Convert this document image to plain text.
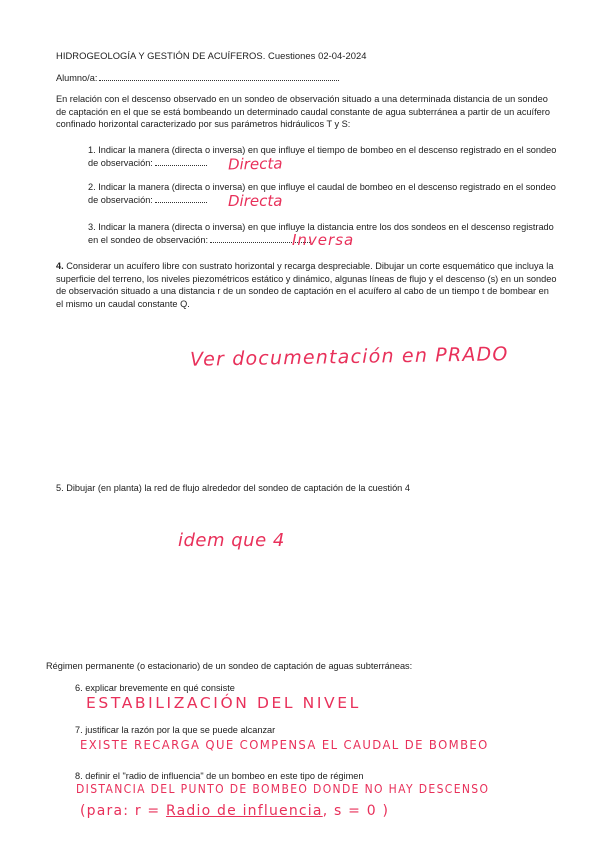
HIDROGEOLOGÍA Y GESTIÓN DE ACUÍFEROS. Cuestiones 02-04-2024
Alumno/a:
En relación con el descenso observado en un sondeo de observación situado a una determinada distancia de un sondeo de captación en el que se está bombeando un determinado caudal constante de agua subterránea a partir de un acuífero confinado horizontal caracterizado por sus parámetros hidráulicos T y S:
1. Indicar la manera (directa o inversa) en que influye el tiempo de bombeo en el descenso registrado en el sondeo de observación:	Directa
2. Indicar la manera (directa o inversa) en que influye el caudal de bombeo en el descenso registrado en el sondeo de observación:	Directa
3. Indicar la manera (directa o inversa) en que influye la distancia entre los dos sondeos en el descenso registrado en el sondeo de observación:	Inversa
4. Considerar un acuífero libre con sustrato horizontal y recarga despreciable. Dibujar un corte esquemático que incluya la superficie del terreno, los niveles piezométricos estático y dinámico, algunas líneas de flujo y el descenso (s) en un sondeo de observación situado a una distancia r de un sondeo de captación en el acuífero al cabo de un tiempo t de bombear en el mismo un caudal constante Q.
Ver documentación en PRADO
5. Dibujar (en planta) la red de flujo alrededor del sondeo de captación de la cuestión 4
idem que 4
Régimen permanente (o estacionario) de un sondeo de captación de aguas subterráneas:
6. explicar brevemente en qué consiste
ESTABILIZACIÓN DEL NIVEL
7. justificar la razón por la que se puede alcanzar
EXISTE RECARGA QUE COMPENSA EL CAUDAL DE BOMBEO
8. definir el "radio de influencia" de un bombeo en este tipo de régimen
DISTANCIA DEL PUNTO DE BOMBEO DONDE NO HAY DESCENSO
(para: r = Radio de influencia, s = 0 )
